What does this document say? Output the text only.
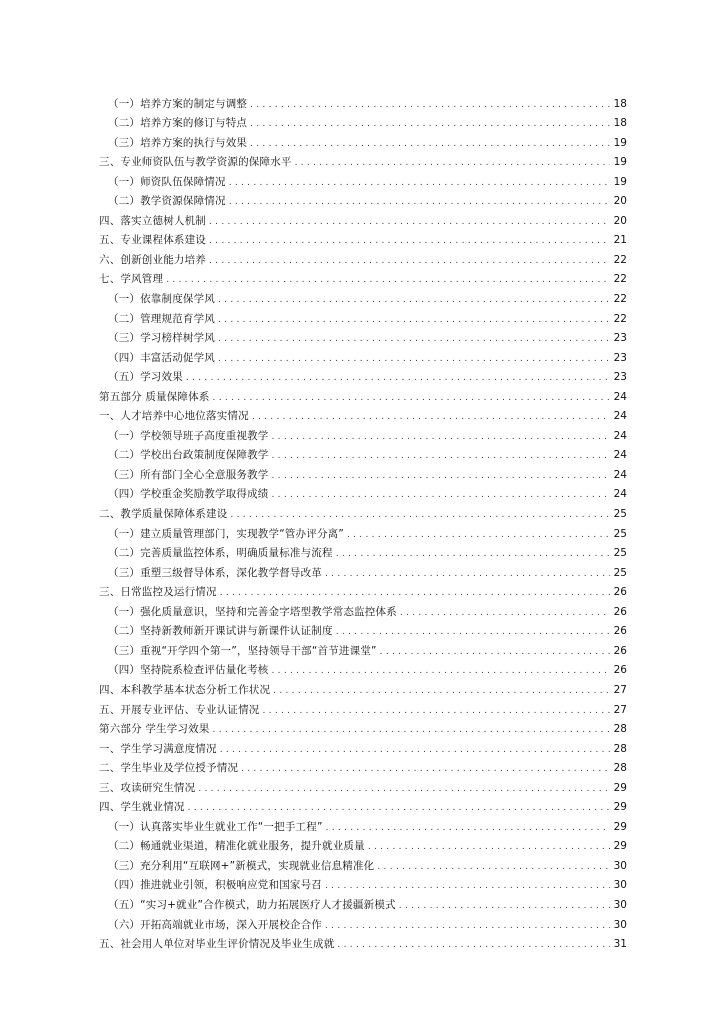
（一）培养方案的制定与调整 .....	18
（二）培养方案的修订与特点 .....	18
（三）培养方案的执行与效果 .....	19
三、专业师资队伍与教学资源的保障水平 .....	19
（一）师资队伍保障情况 .....	19
（二）教学资源保障情况 .....	20
四、落实立德树人机制 .....	20
五、专业课程体系建设 .....	21
六、创新创业能力培养 .....	22
七、学风管理 .....	22
（一）依靠制度保学风 .....	22
（二）管理规范育学风 .....	22
（三）学习榜样树学风 .....	23
（四）丰富活动促学风 .....	23
（五）学习效果 .....	23
第五部分 质量保障体系 .....	24
一、人才培养中心地位落实情况 .....	24
（一）学校领导班子高度重视教学 .....	24
（二）学校出台政策制度保障教学 .....	24
（三）所有部门全心全意服务教学 .....	24
（四）学校重金奖励教学取得成绩 .....	24
二、教学质量保障体系建设 .....	25
（一）建立质量管理部门，实现教学“管办评分离” .....	25
（二）完善质量监控体系，明确质量标准与流程 .....	25
（三）重塑三级督导体系，深化教学督导改革 .....	25
三、日常监控及运行情况 .....	26
（一）强化质量意识，坚持和完善金字塔型教学常态监控体系 .....	26
（二）坚持新教师新开课试讲与新课件认证制度 .....	26
（三）重视“开学四个第一”，坚持领导干部“首节进课堂” .....	26
（四）坚持院系检查评估量化考核 .....	26
四、本科教学基本状态分析工作状况 .....	27
五、开展专业评估、专业认证情况 .....	27
第六部分 学生学习效果 .....	28
一、学生学习满意度情况 .....	28
二、学生毕业及学位授予情况 .....	28
三、攻读研究生情况 .....	29
四、学生就业情况 .....	29
（一）认真落实毕业生就业工作“一把手工程” .....	29
（二）畅通就业渠道，精准化就业服务，提升就业质量 .....	29
（三）充分利用“互联网+”新模式，实现就业信息精准化 .....	30
（四）推进就业引领，积极响应党和国家号召 .....	30
（五）“实习+就业”合作模式，助力拓展医疗人才援疆新模式 .....	30
（六）开拓高端就业市场，深入开展校企合作 .....	30
五、社会用人单位对毕业生评价情况及毕业生成就 .....	31
